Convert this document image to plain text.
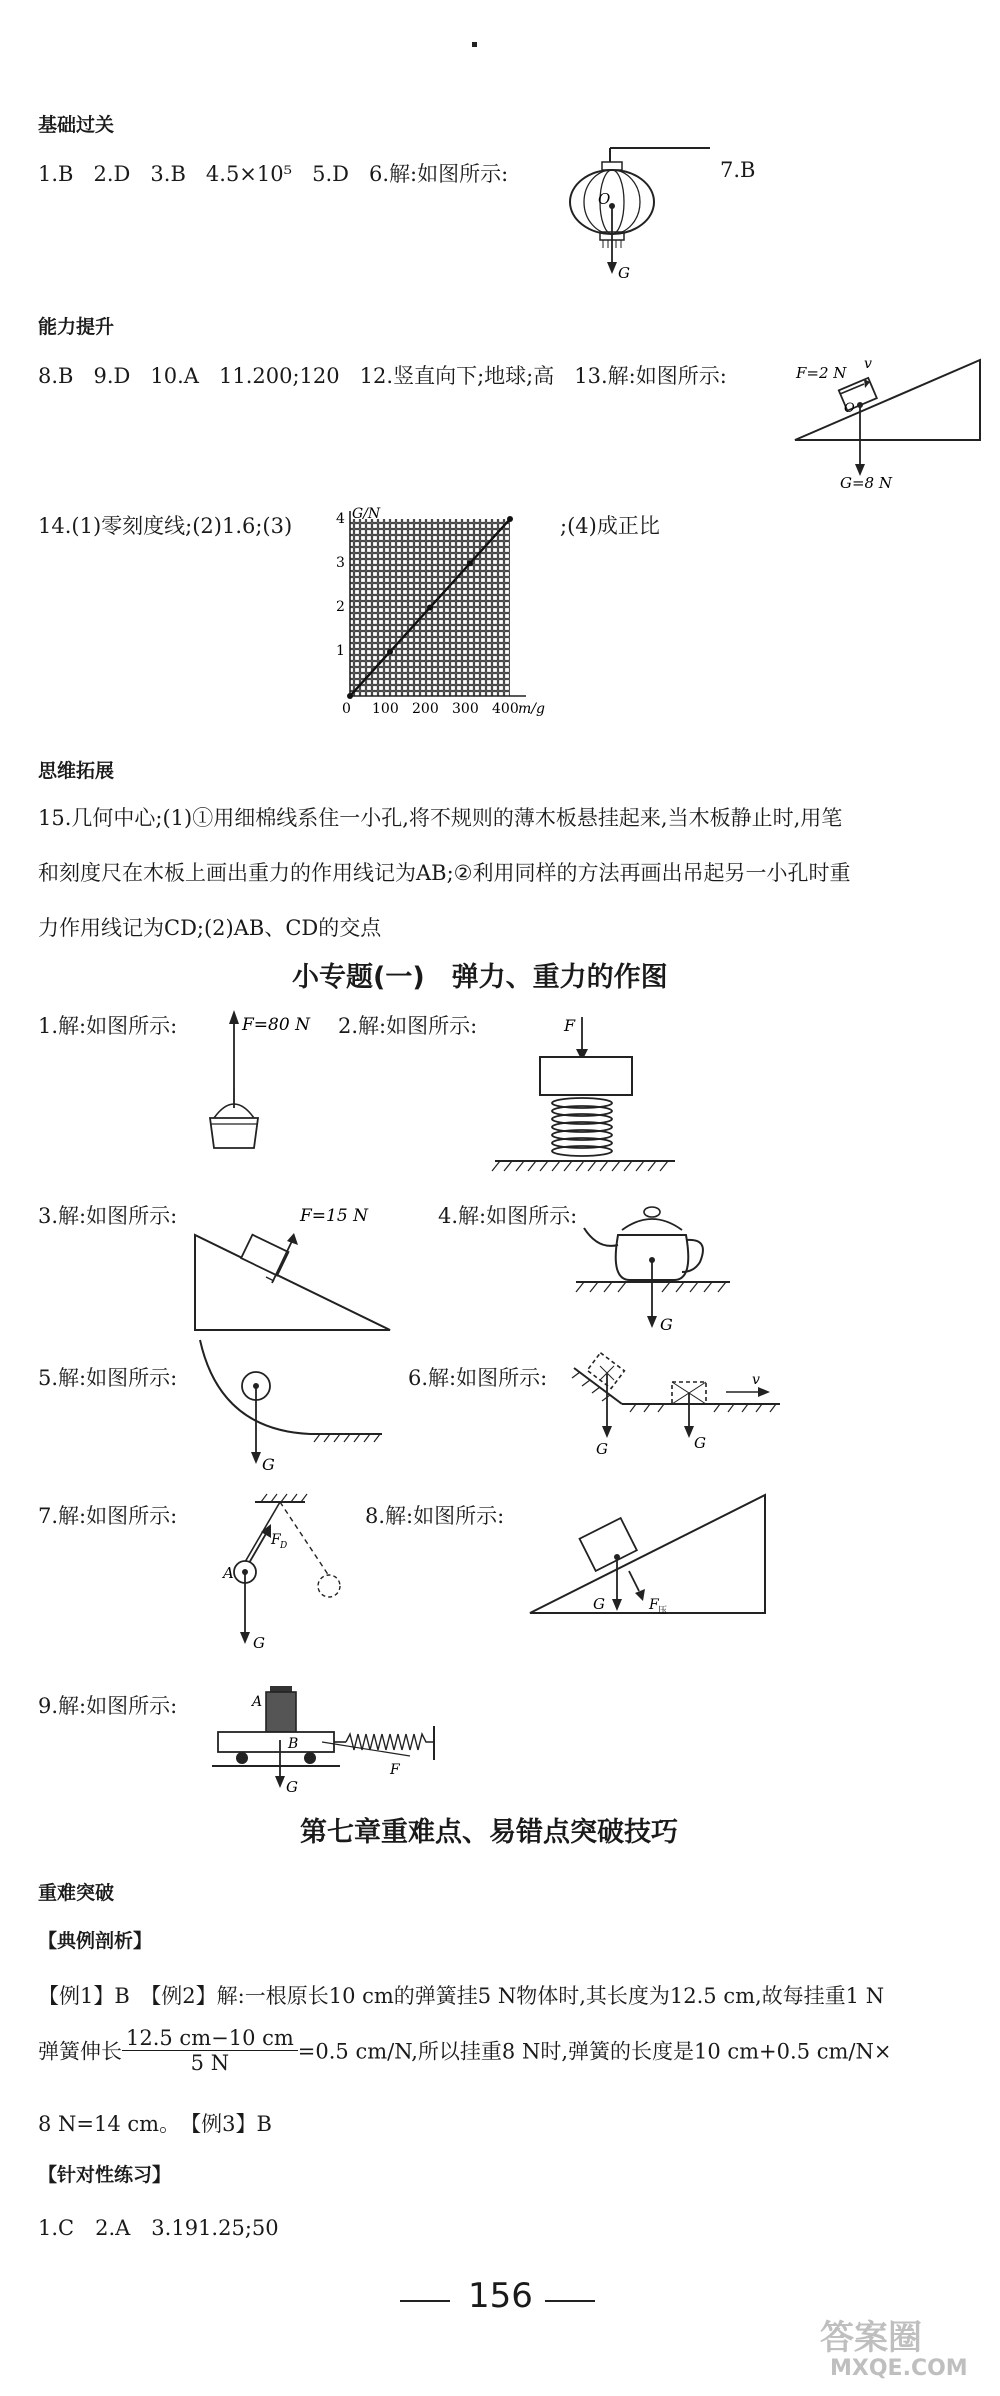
基础过关
1.B 2.D 3.B 4.5×10⁵ 5.D 6.解:如图所示:	7.B
O
G
能力提升
8.B 9.D 10.A 11.200;120 12.竖直向下;地球;高 13.解:如图所示:	F=2 N v
O
G=8 N
14.(1)零刻度线;(2)1.6;(3)	;(4)成正比
G/N
1
2
3
4
0 100 200 300 400 m/g
思维拓展
15.几何中心;(1)①用细棉线系住一小孔,将不规则的薄木板悬挂起来,当木板静止时,用笔
和刻度尺在木板上画出重力的作用线记为AB;②利用同样的方法再画出吊起另一小孔时重
力作用线记为CD;(2)AB、CD的交点
小专题(一)　弹力、重力的作图
1.解:如图所示:	F=80 N 2.解:如图所示:	F
3.解:如图所示:	F=15 N	4.解:如图所示:
G
5.解:如图所示:
G
6.解:如图所示:	v
G	G
7.解:如图所示:
A
F D
G
8.解:如图所示:
G	F 压
9.解:如图所示:	A
B
G
F
第七章重难点、易错点突破技巧
重难突破
【典例剖析】
【例1】B　【例2】解:一根原长10 cm的弹簧挂5 N物体时,其长度为12.5 cm,故每挂重1 N
弹簧伸长 $\frac{12.5 cm-10 cm}{5 N} =0.5$ cm/N,所以挂重8 N时,弹簧的长度是10 cm+0.5 cm/N×
8 N=14 cm。　【例3】B
【针对性练习】
1.C　2.A　3.191.25;50
156
答案圈
MXQE.COM
